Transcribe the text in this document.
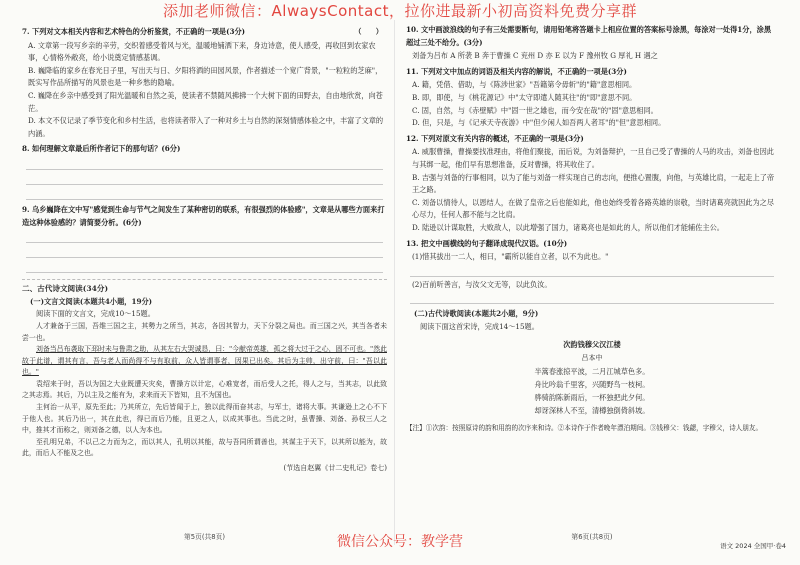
添加老师微信：AlwaysContact，拉你进最新小初高资料免费分享群
7. 下列对文本相关内容和艺术特色的分析鉴赏，不正确的一项是(3分)	（　　）

A. 文章第一段写乡亲的辛劳，交织着感受着风与光，温暖地铺洒下来，身边诗意，使人感受，再收回到农家农事，心情格外敞亮，给小说奠定情感基调。

B. 巍降临的家乡在春光日子里，写出天与日、夕阳将洒的田园风景，作者描述一个宽广背景，"一粒粒的芝麻"，既实写作品所描写的风景也是一种乡愁的隐喻。

C. 巍降在乡亲中感受到了阳光温暖和自然之美，使读者不禁随风拂拂一个大树下面的田野去，自由地欣赏，向苍茫。

D. 本文不仅记录了季节变化和乡村生活，也将读者带入了一种对乡土与自然的深刻情感体验之中，丰富了文章的内涵。

8. 如何理解文章最后所作者记下的那句话？(6分)
9. 乌乡巍降在文中写"感觉到生命与节气之间发生了某种密切的联系，有很强烈的体验感"，文章是从哪些方面来打造这种体验感的？请简要分析。(6分)
二、古代诗文阅读(34分)
(一)文言文阅读(本题共4小题，19分)
阅读下面的文言文，完成10～15题。

人才兼备于三国，吾维三国之主，其勢力之所当，其志，各因其智力，天下分裂之局也。而三国之兴，其当各者未尝一也。

刘备当吕布袭取下邳时未与鲁肃之助，从其左右大哭诚恳，曰："今献帝英雄，孤之将大过于之心，固不可也。"然此故于此谱，谓其有言，吾与老人而尚得不与有取前，众人皆谓事者，因果已出矣。其后为主帅，出守前，曰："吾以此也。"

袁绍来于时，吾以为国之大业既遭天灾矣，曹操方以计定，心难宽者，而后受人之托，得人之与，当其志，以此致之其志焉。其后，乃以主及之能有为，求来而天下皆知，且不为国也。

主何治一从平，原先至此；乃其所立，先后皆闻于上，独以此得而奋其志，与军士，诸将大事。其谦逊上之心不下于他人也。其后乃出一，其在此也，得已而后乃能，且更之人，以成其事也。当此之时，虽曹操、刘备、孙权三人之中，推其才而称之，则刘备之德，以人为本也。

至孔明兄弟，不以己之力而为之，而以其人，孔明以其能，故与吾同所谓善也，其谋主于天下，以其所以能为，故此，而后人不能及之也。

(节选自赵翼《廿二史札记》卷七)
第5页(共8页)
10. 文中画波浪线的句子有三处需要断句，请用铅笔将答题卡上相应位置的答案标号涂黑，每涂对一处得1分，涂黑超过三处不给分。(3分)
刘备为吕布 A 所袭 B 奔于曹操 C 兖州 D 亦 E 以为 F 豫州牧 G 厚礼 H 遇之
11. 下列对文中加点的词语及相关内容的解说，不正确的一项是(3分)

A. 籍，凭借、借助，与《陈涉世家》"吾籍第令毋斩"的"籍"意思相同。

B. 即，即使，与《桃花源记》中"太守即遣人随其往"的"即"意思不同。

C. 固，自然，与《赤壁赋》中"固一世之雄也，而今安在哉"的"固"意思相同。

D. 但，只是，与《记承天寺夜游》中"但少闲人如吾两人者耳"的"但"意思相同。

12. 下列对原文有关内容的概述，不正确的一项是(3分)

A. 威服曹操，曹操要找准理由，将他们聚拢，而后说，为刘备辩护，一旦自己受了曹操的人马的攻击，刘备也因此与其绑一起，他们早有思想准备，反对曹操，将其收住了。

B. 吉强与刘备的行事相同，以为了能与刘备一样实现自己的志向，便推心置腹，向他，与英雄比肩，一起走上了帝王之路。

C. 刘备以情待人，以恩结人，在做了皇帝之后也能如此，他也始终受着各路英雄的崇敬，当时诸葛亮就因此为之尽心尽力，任何人都不能与之比肩。

D. 陆逊以计谋取胜，大败敌人，以此增强了国力，诸葛亮也是如此的人，所以他们才能辅佐主公。

13. 把文中画横线的句子翻译成现代汉语。(10分)
(1)惜其拔出一二人，相曰，"霸所以能自立者，以不为此也。"
(2)百前听善言，与汝父文无等，以此负汝。
(二)古代诗歌阅读(本题共2小题，9分)
阅读下面这首宋诗，完成14～15题。
次韵钱穆父汉江楼
吕本中
半篙春涨掠平波，二月江城草色多。
舟比吟翁千里客，兴随野鸟一枝柯。
骅骑韵陈新雨后，一杯独把此夕何。
却讶深林人不至，清樽独倒倚斜坡。
【注】①次韵：按照原诗的韵和用韵的次序来和诗。②本诗作于作者晚年漂泊期间。③钱穆父：钱勰，字穆父，诗人朋友。
第6页(共8页)
语文 2024 全国甲·卷4
微信公众号：教学营
